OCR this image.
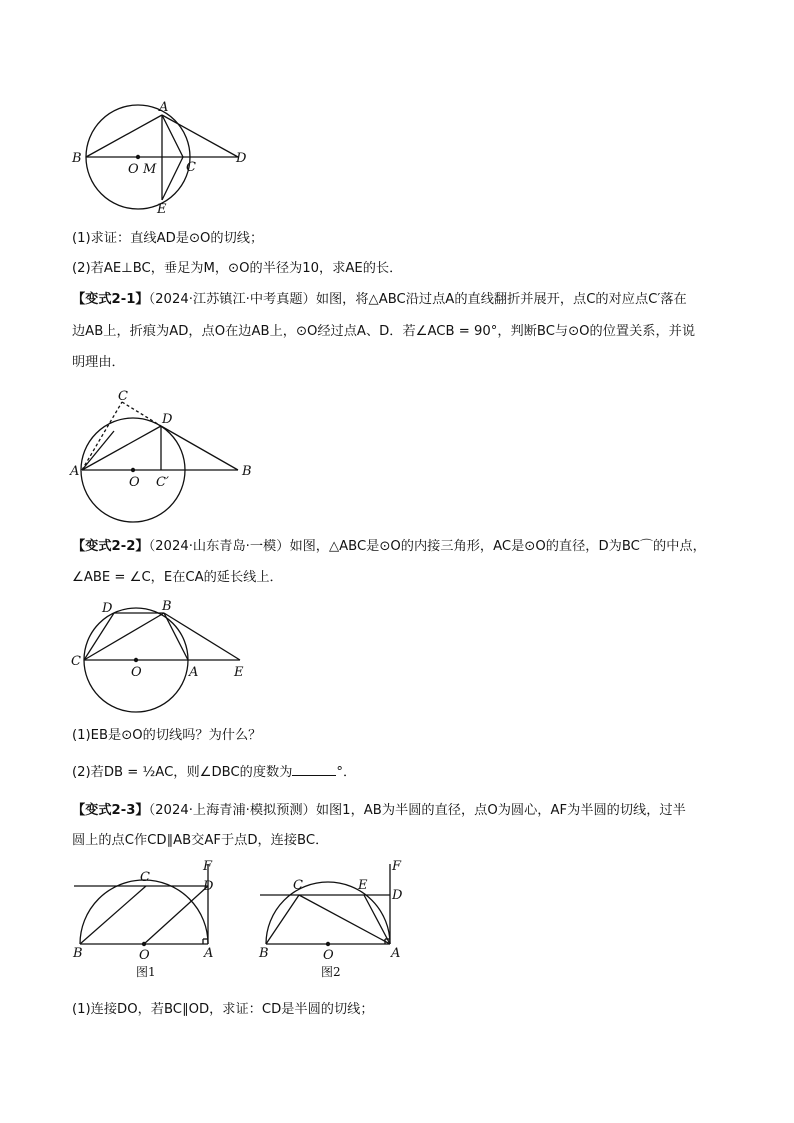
A
B
O M C
D
E
(1)求证：直线AD是⊙O的切线；
(2)若AE⊥BC，垂足为M，⊙O的半径为10，求AE的长．
【变式2-1】（2024·江苏镇江·中考真题）如图，将△ABC沿过点A的直线翻折并展开，点C的对应点C′落在
边AB上，折痕为AD，点O在边AB上，⊙O经过点A、D．若∠ACB = 90°，判断BC与⊙O的位置关系，并说
明理由．
C
D
A
O C′
B
【变式2-2】（2024·山东青岛·一模）如图，△ABC是⊙O的内接三角形，AC是⊙O的直径，D为BC⌒的中点，
∠ABE = ∠C，E在CA的延长线上．
D	B
C
O	A	E
(1)EB是⊙O的切线吗？为什么？
(2)若DB = ½AC，则∠DBC的度数为	°．
【变式2-3】（2024·上海青浦·模拟预测）如图1，AB为半圆的直径，点O为圆心，AF为半圆的切线，过半
圆上的点C作CD∥AB交AF于点D，连接BC．
C
D
F
B	O	A
图1
C	E
F
D
B	O	A
图2
(1)连接DO，若BC∥OD，求证：CD是半圆的切线；
